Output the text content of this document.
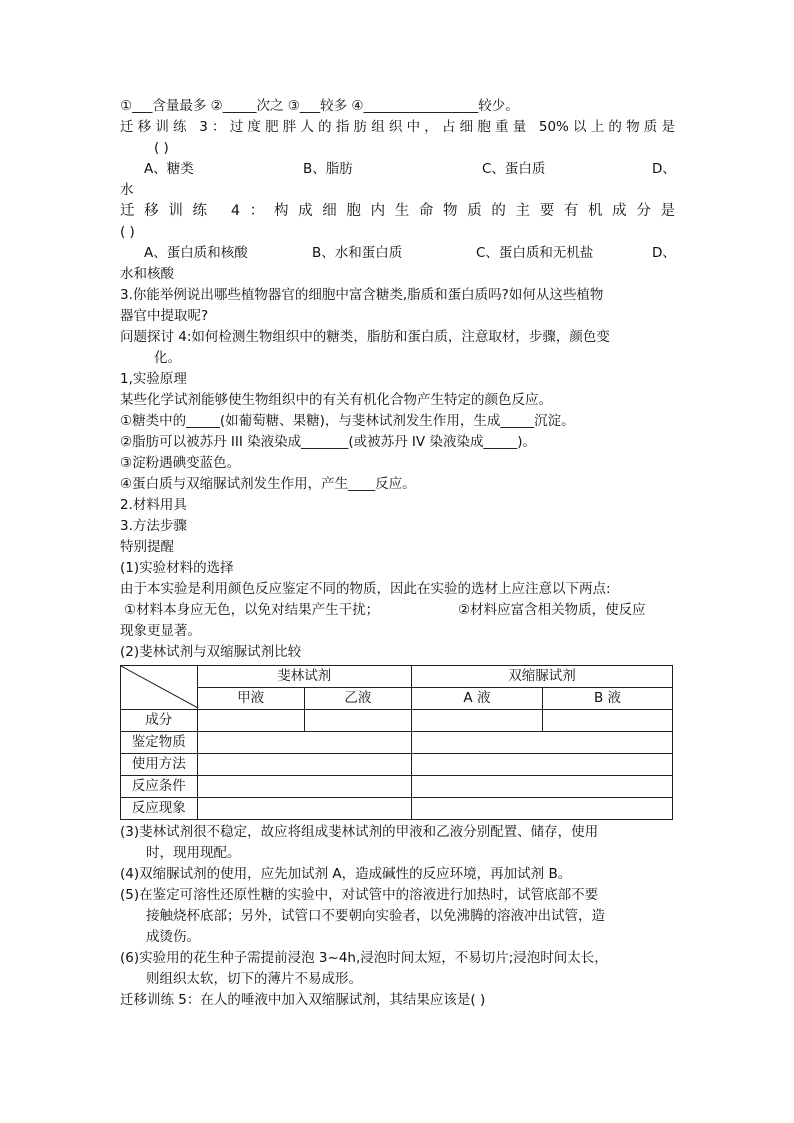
①___含量最多 ②_____次之 ③___较多 ④_________________较少。
迁移训练 3：过度肥胖人的指肪组织中，占细胞重量 50%以上的物质是
( )
A、糖类	B、脂肪	C、蛋白质	D、
水
迁移训练 4：构成细胞内生命物质的主要有机成分是
( )
A、蛋白质和核酸	B、水和蛋白质	C、蛋白质和无机盐	D、
水和核酸
3.你能举例说出哪些植物器官的细胞中富含糖类,脂质和蛋白质吗?如何从这些植物
器官中提取呢?
问题探讨 4:如何检测生物组织中的糖类，脂肪和蛋白质，注意取材，步骤，颜色变
化。
1,实验原理
某些化学试剂能够使生物组织中的有关有机化合物产生特定的颜色反应。
①糖类中的_____(如葡萄糖、果糖)，与斐林试剂发生作用，生成_____沉淀。
②脂肪可以被苏丹 III 染液染成_______(或被苏丹 IV 染液染成_____)。
③淀粉遇碘变蓝色。
④蛋白质与双缩脲试剂发生作用，产生____反应。
2.材料用具
3.方法步骤
特别提醒
(1)实验材料的选择
由于本实验是利用颜色反应鉴定不同的物质，因此在实验的选材上应注意以下两点:
①材料本身应无色，以免对结果产生干扰；	②材料应富含相关物质，使反应
现象更显著。
(2)斐林试剂与双缩脲试剂比较
	斐林试剂		双缩脲试剂	
	甲液	乙液	A 液	B 液
成分				
鉴定物质				
使用方法				
反应条件				
反应现象				
(3)斐林试剂很不稳定，故应将组成斐林试剂的甲液和乙液分别配置、储存，使用
时，现用现配。
(4)双缩脲试剂的使用，应先加试剂 A，造成碱性的反应环境，再加试剂 B。
(5)在鉴定可溶性还原性糖的实验中，对试管中的溶液进行加热时，试管底部不要
接触烧杯底部；另外，试管口不要朝向实验者，以免沸腾的溶液冲出试管，造
成烫伤。
(6)实验用的花生种子需提前浸泡 3~4h,浸泡时间太短，不易切片;浸泡时间太长，
则组织太软，切下的薄片不易成形。
迁移训练 5：在人的唾液中加入双缩脲试剂，其结果应该是( )
